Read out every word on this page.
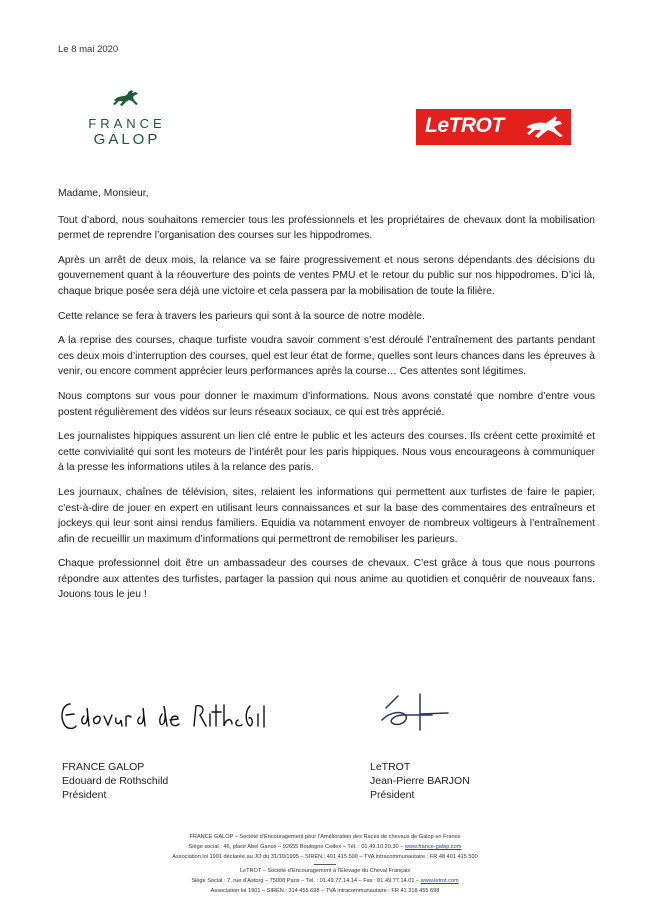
Le 8 mai 2020
FRANCE
GALOP
LeTROT

Madame, Monsieur,

Tout d’abord, nous souhaitons remercier tous les professionnels et les propriétaires de chevaux dont la mobilisation permet de reprendre l’organisation des courses sur les hippodromes.

Après un arrêt de deux mois, la relance va se faire progressivement et nous serons dépendants des décisions du gouvernement quant à la réouverture des points de ventes PMU et le retour du public sur nos hippodromes. D’ici là, chaque brique posée sera déjà une victoire et cela passera par la mobilisation de toute la filière.

Cette relance se fera à travers les parieurs qui sont à la source de notre modèle.

A la reprise des courses, chaque turfiste voudra savoir comment s’est déroulé l’entraînement des partants pendant ces deux mois d’interruption des courses, quel est leur état de forme, quelles sont leurs chances dans les épreuves à venir, ou encore comment apprécier leurs performances après la course… Ces attentes sont légitimes.

Nous comptons sur vous pour donner le maximum d’informations. Nous avons constaté que nombre d’entre vous postent régulièrement des vidéos sur leurs réseaux sociaux, ce qui est très apprécié.

Les journalistes hippiques assurent un lien clé entre le public et les acteurs des courses. Ils créent cette proximité et cette convivialité qui sont les moteurs de l’intérêt pour les paris hippiques. Nous vous encourageons à communiquer à la presse les informations utiles à la relance des paris.

Les journaux, chaînes de télévision, sites, relaient les informations qui permettent aux turfistes de faire le papier, c’est-à-dire de jouer en expert en utilisant leurs connaissances et sur la base des commentaires des entraîneurs et jockeys qui leur sont ainsi rendus familiers. Equidia va notamment envoyer de nombreux voltigeurs à l’entraînement afin de recueillir un maximum d’informations qui permettront de remobiliser les parieurs.

Chaque professionnel doit être un ambassadeur des courses de chevaux. C’est grâce à tous que nous pourrons répondre aux attentes des turfistes, partager la passion qui nous anime au quotidien et conquérir de nouveaux fans. Jouons tous le jeu !

FRANCE GALOP
Edouard de Rothschild
Président
LeTROT
Jean-Pierre BARJON
Président
FRANCE GALOP – Société d’Encouragement pour l’Amélioration des Races de chevaux de Galop en France
Siège social : 46, place Abel Gance – 92655 Boulogne Cedex – Tél. : 01.49.10.20.30 – www.france-galop.com
Association loi 1901 déclarée au JO du 31/10/1995 – SIREN : 401 415 500 – TVA intracommunautaire : FR 48 401 415 500
LeTROT – Société d’Encouragement à l’Elevage du Cheval Français
Siège Social : 7, rue d’Astorg – 75008 Paris – Tél. : 01.49.77.14.14 – Fax : 01.49.77.14.01 – www.letrot.com
Association loi 1901 – SIREN : 314 455 698 – TVA intracommunautaire : FR 41 318 455 698
